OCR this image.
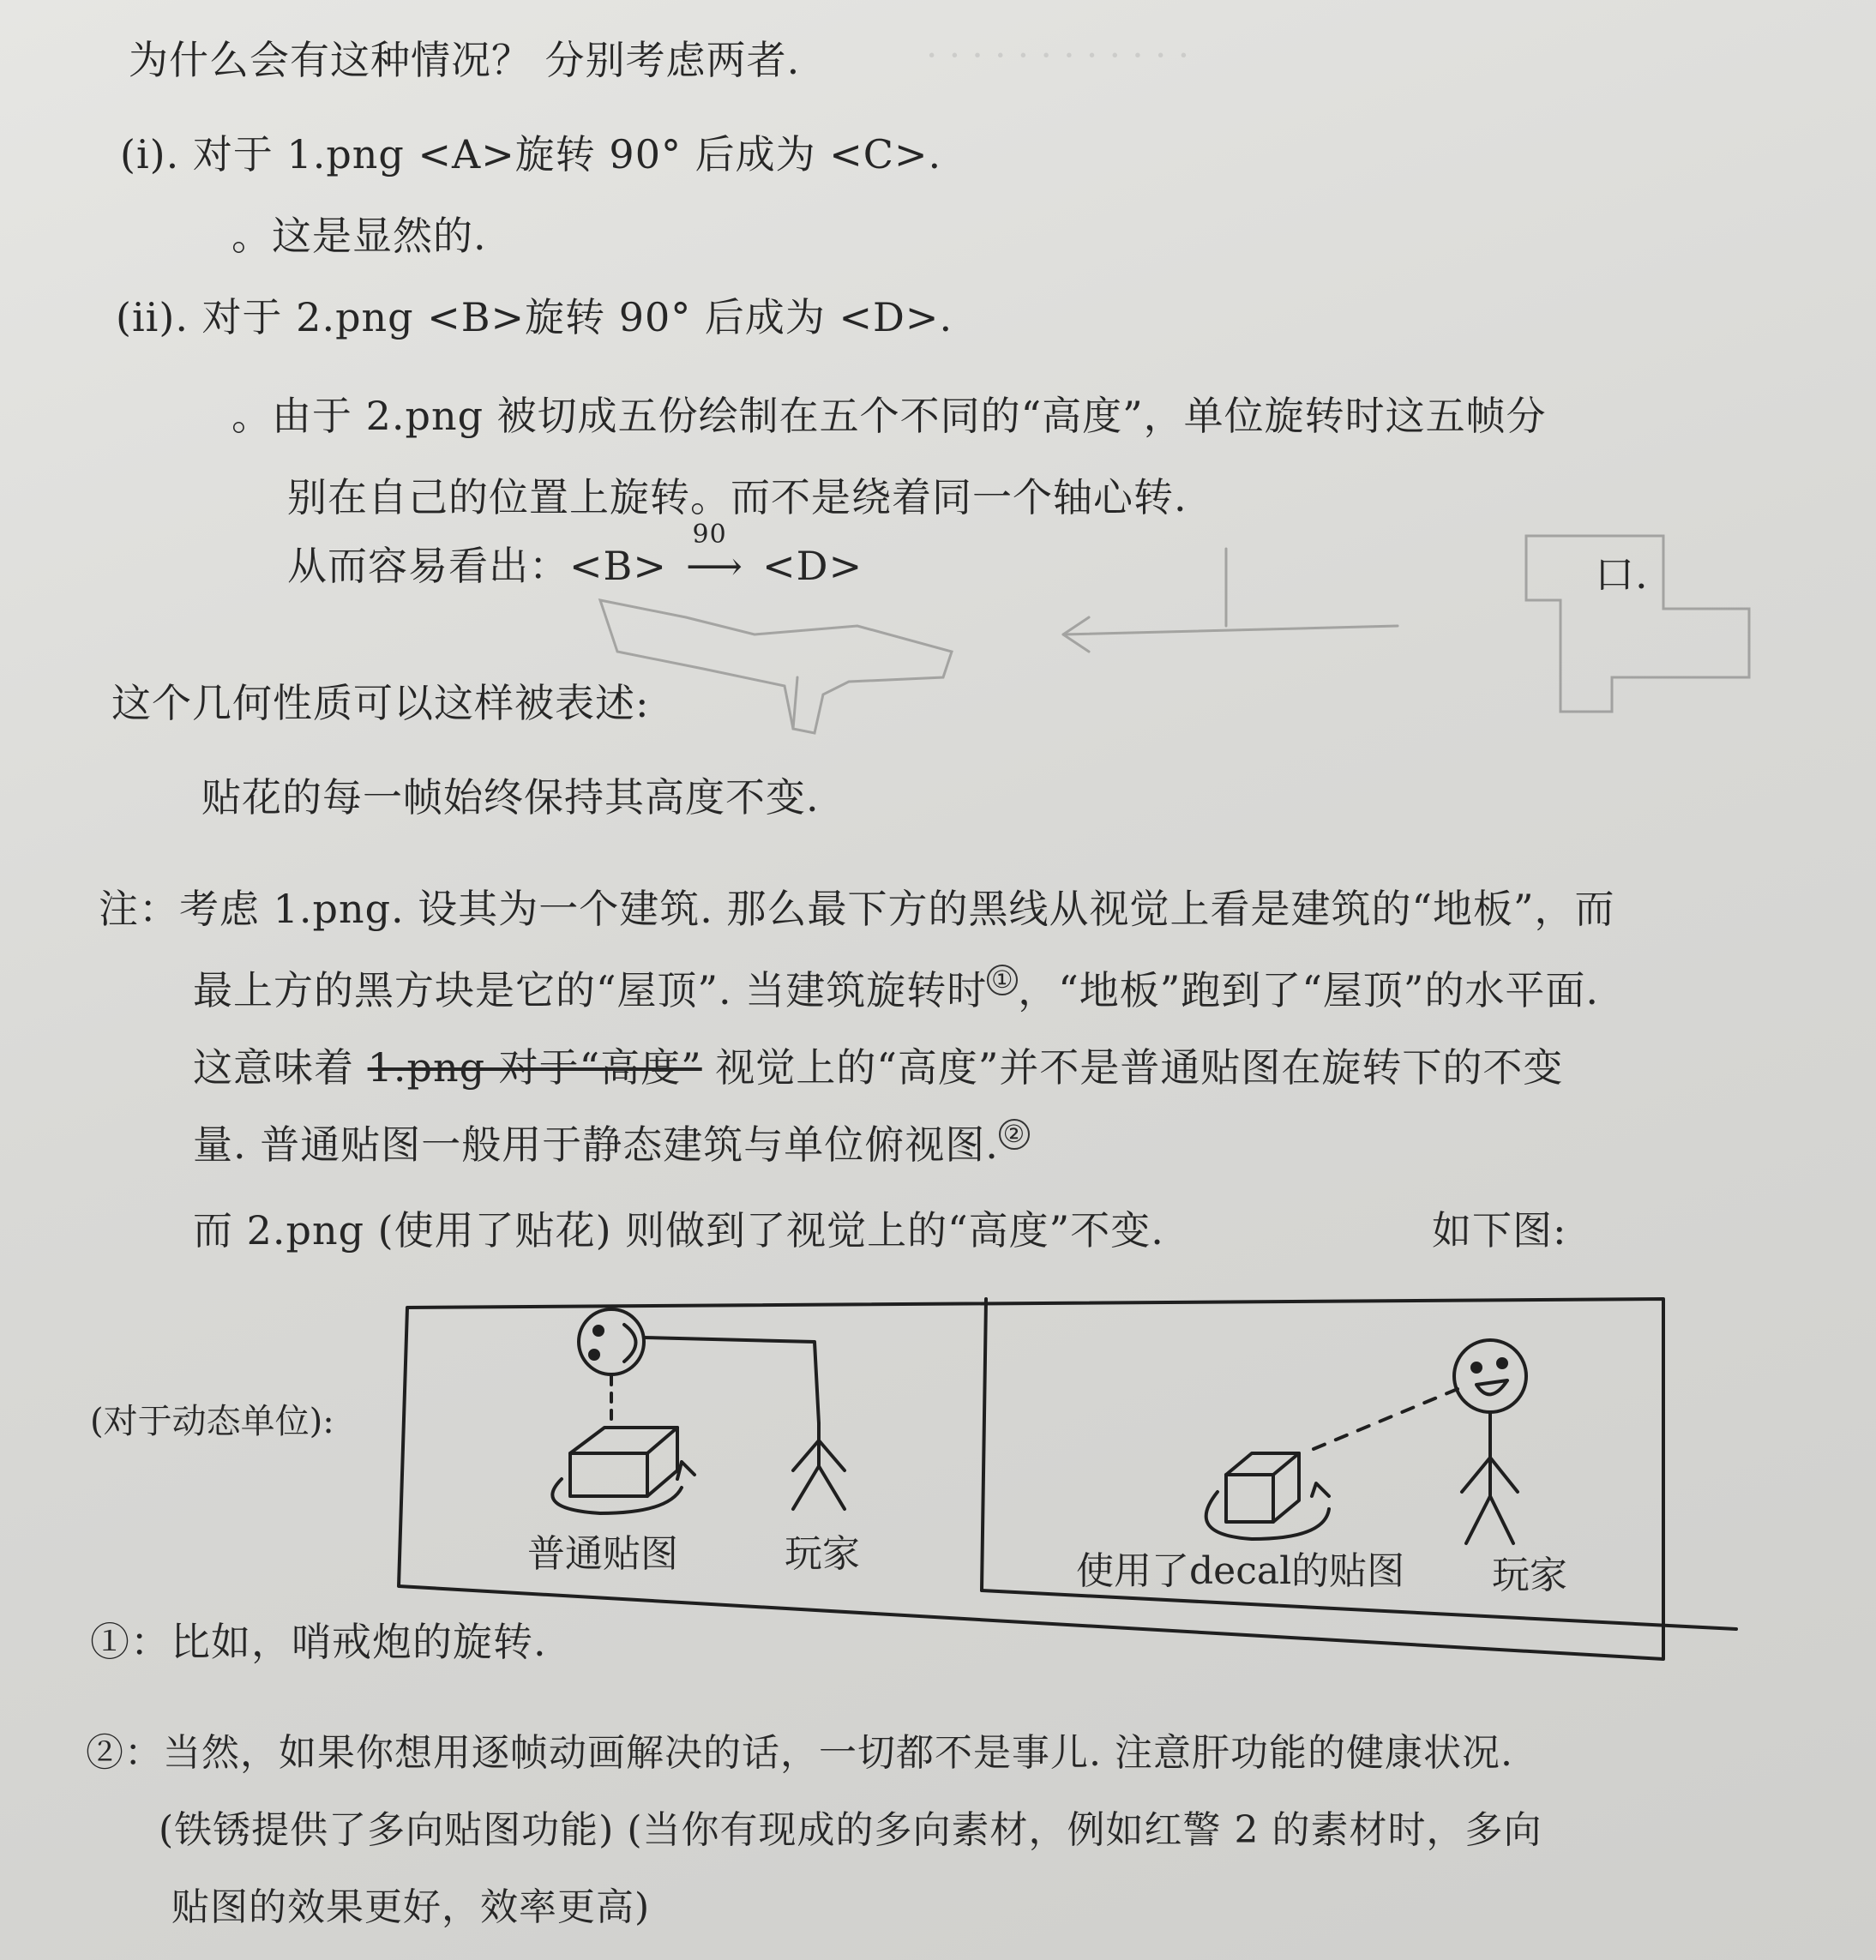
· · · · · · · · · · · ·
为什么会有这种情况？ 分别考虑两者.
(i). 对于 1.png <A>旋转 90° 后成为 <C>.
。这是显然的.
(ii). 对于 2.png <B>旋转 90° 后成为 <D>.
。由于 2.png 被切成五份绘制在五个不同的“高度”，单位旋转时这五帧分
别在自己的位置上旋转。而不是绕着同一个轴心转.
从而容易看出：<B>
90
⟶ <D>	口.
这个几何性质可以这样被表述:
贴花的每一帧始终保持其高度不变.
注：考虑 1.png. 设其为一个建筑. 那么最下方的黑线从视觉上看是建筑的“地板”，而
最上方的黑方块是它的“屋顶”. 当建筑旋转时 ① ，“地板”跑到了“屋顶”的水平面.
这意味着 1.png 对于“高度” 视觉上的“高度”并不是普通贴图在旋转下的不变
量. 普通贴图一般用于静态建筑与单位俯视图. ②
而 2.png (使用了贴花) 则做到了视觉上的“高度”不变.	如下图:
(对于动态单位):
普通贴图	玩家	使用了decal的贴图 玩家
①：比如，哨戒炮的旋转.
②：当然，如果你想用逐帧动画解决的话，一切都不是事儿. 注意肝功能的健康状况.
(铁锈提供了多向贴图功能) (当你有现成的多向素材，例如红警 2 的素材时，多向
贴图的效果更好，效率更高)
